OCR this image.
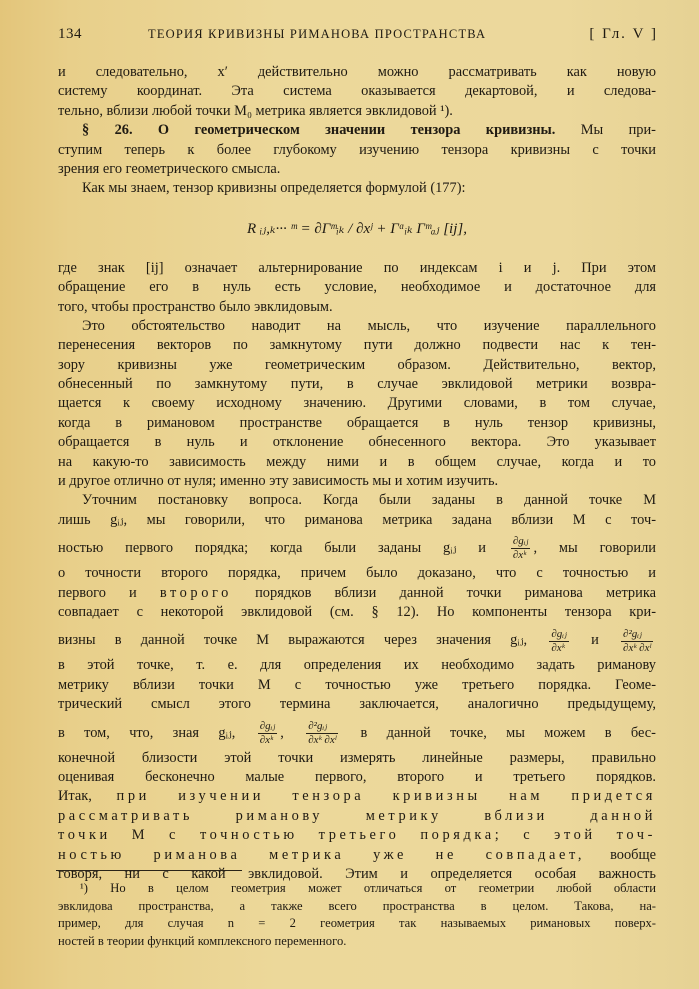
134	ТЕОРИЯ КРИВИЗНЫ РИМАНОВА ПРОСТРАНСТВА	[ Гл. V ]
и следовательно, x′ действительно можно рассматривать как новую
систему координат. Эта система оказывается декартовой, и следова-
тельно, вблизи любой точки M₀ метрика является эвклидовой ¹).
§ 26. О геометрическом значении тензора кривизны. Мы при-
ступим теперь к более глубокому изучению тензора кривизны с точки
зрения его геометрического смысла.
Как мы знаем, тензор кривизны определяется формулой (177):
R ᵢⱼ,ₖ··· ᵐ = ∂Γᵐᵢₖ / ∂xʲ + Γᵅᵢₖ Γᵐₐⱼ [ij],
где знак [ij] означает альтернирование по индексам i и j. При этом
обращение его в нуль есть условие, необходимое и достаточное для
того, чтобы пространство было эвклидовым.
Это обстоятельство наводит на мысль, что изучение параллельного
перенесения векторов по замкнутому пути должно подвести нас к тен-
зору кривизны уже геометрическим образом. Действительно, вектор,
обнесенный по замкнутому пути, в случае эвклидовой метрики возвра-
щается к своему исходному значению. Другими словами, в том случае,
когда в римановом пространстве обращается в нуль тензор кривизны,
обращается в нуль и отклонение обнесенного вектора. Это указывает
на какую-то зависимость между ними и в общем случае, когда и то
и другое отлично от нуля; именно эту зависимость мы и хотим изучить.
Уточним постановку вопроса. Когда были заданы в данной точке M
лишь gᵢⱼ, мы говорили, что риманова метрика задана вблизи M с точ-
ностью первого порядка; когда были заданы gᵢⱼ и $\frac{\text{∂gᵢⱼ}}{\text{∂xᵏ}}$ , мы говорили
о точности второго порядка, причем было доказано, что с точностью и
первого и второго порядков вблизи данной точки риманова метрика
совпадает с некоторой эвклидовой (см. § 12). Но компоненты тензора кри-
визны в данной точке M выражаются через значения gᵢⱼ, $\frac{\text{∂gᵢⱼ}}{\text{∂xᵏ}}$ и $\frac{\text{∂²gᵢⱼ}}{\text{∂xᵏ ∂xˡ}}$
в этой точке, т. е. для определения их необходимо задать риманову
метрику вблизи точки M с точностью уже третьего порядка. Геоме-
трический смысл этого термина заключается, аналогично предыдущему,
в том, что, зная gᵢⱼ, $\frac{\text{∂gᵢⱼ}}{\text{∂xᵏ}}$ , $\frac{\text{∂²gᵢⱼ}}{\text{∂xᵏ ∂xˡ}}$ в данной точке, мы можем в бес-
конечной близости этой точки измерять линейные размеры, правильно
оценивая бесконечно малые первого, второго и третьего порядков.
Итак, при изучении тензора кривизны нам придется
рассматривать риманову метрику вблизи данной
точки M с точностью третьего порядка; с этой точ-
ностью риманова метрика уже не совпадает, вообще
говоря, ни с какой эвклидовой. Этим и определяется особая важность
¹) Но в целом геометрия может отличаться от геометрии любой области
эвклидова пространства, а также всего пространства в целом. Такова, на-
пример, для случая n = 2 геометрия так называемых римановых поверх-
ностей в теории функций комплексного переменного.
